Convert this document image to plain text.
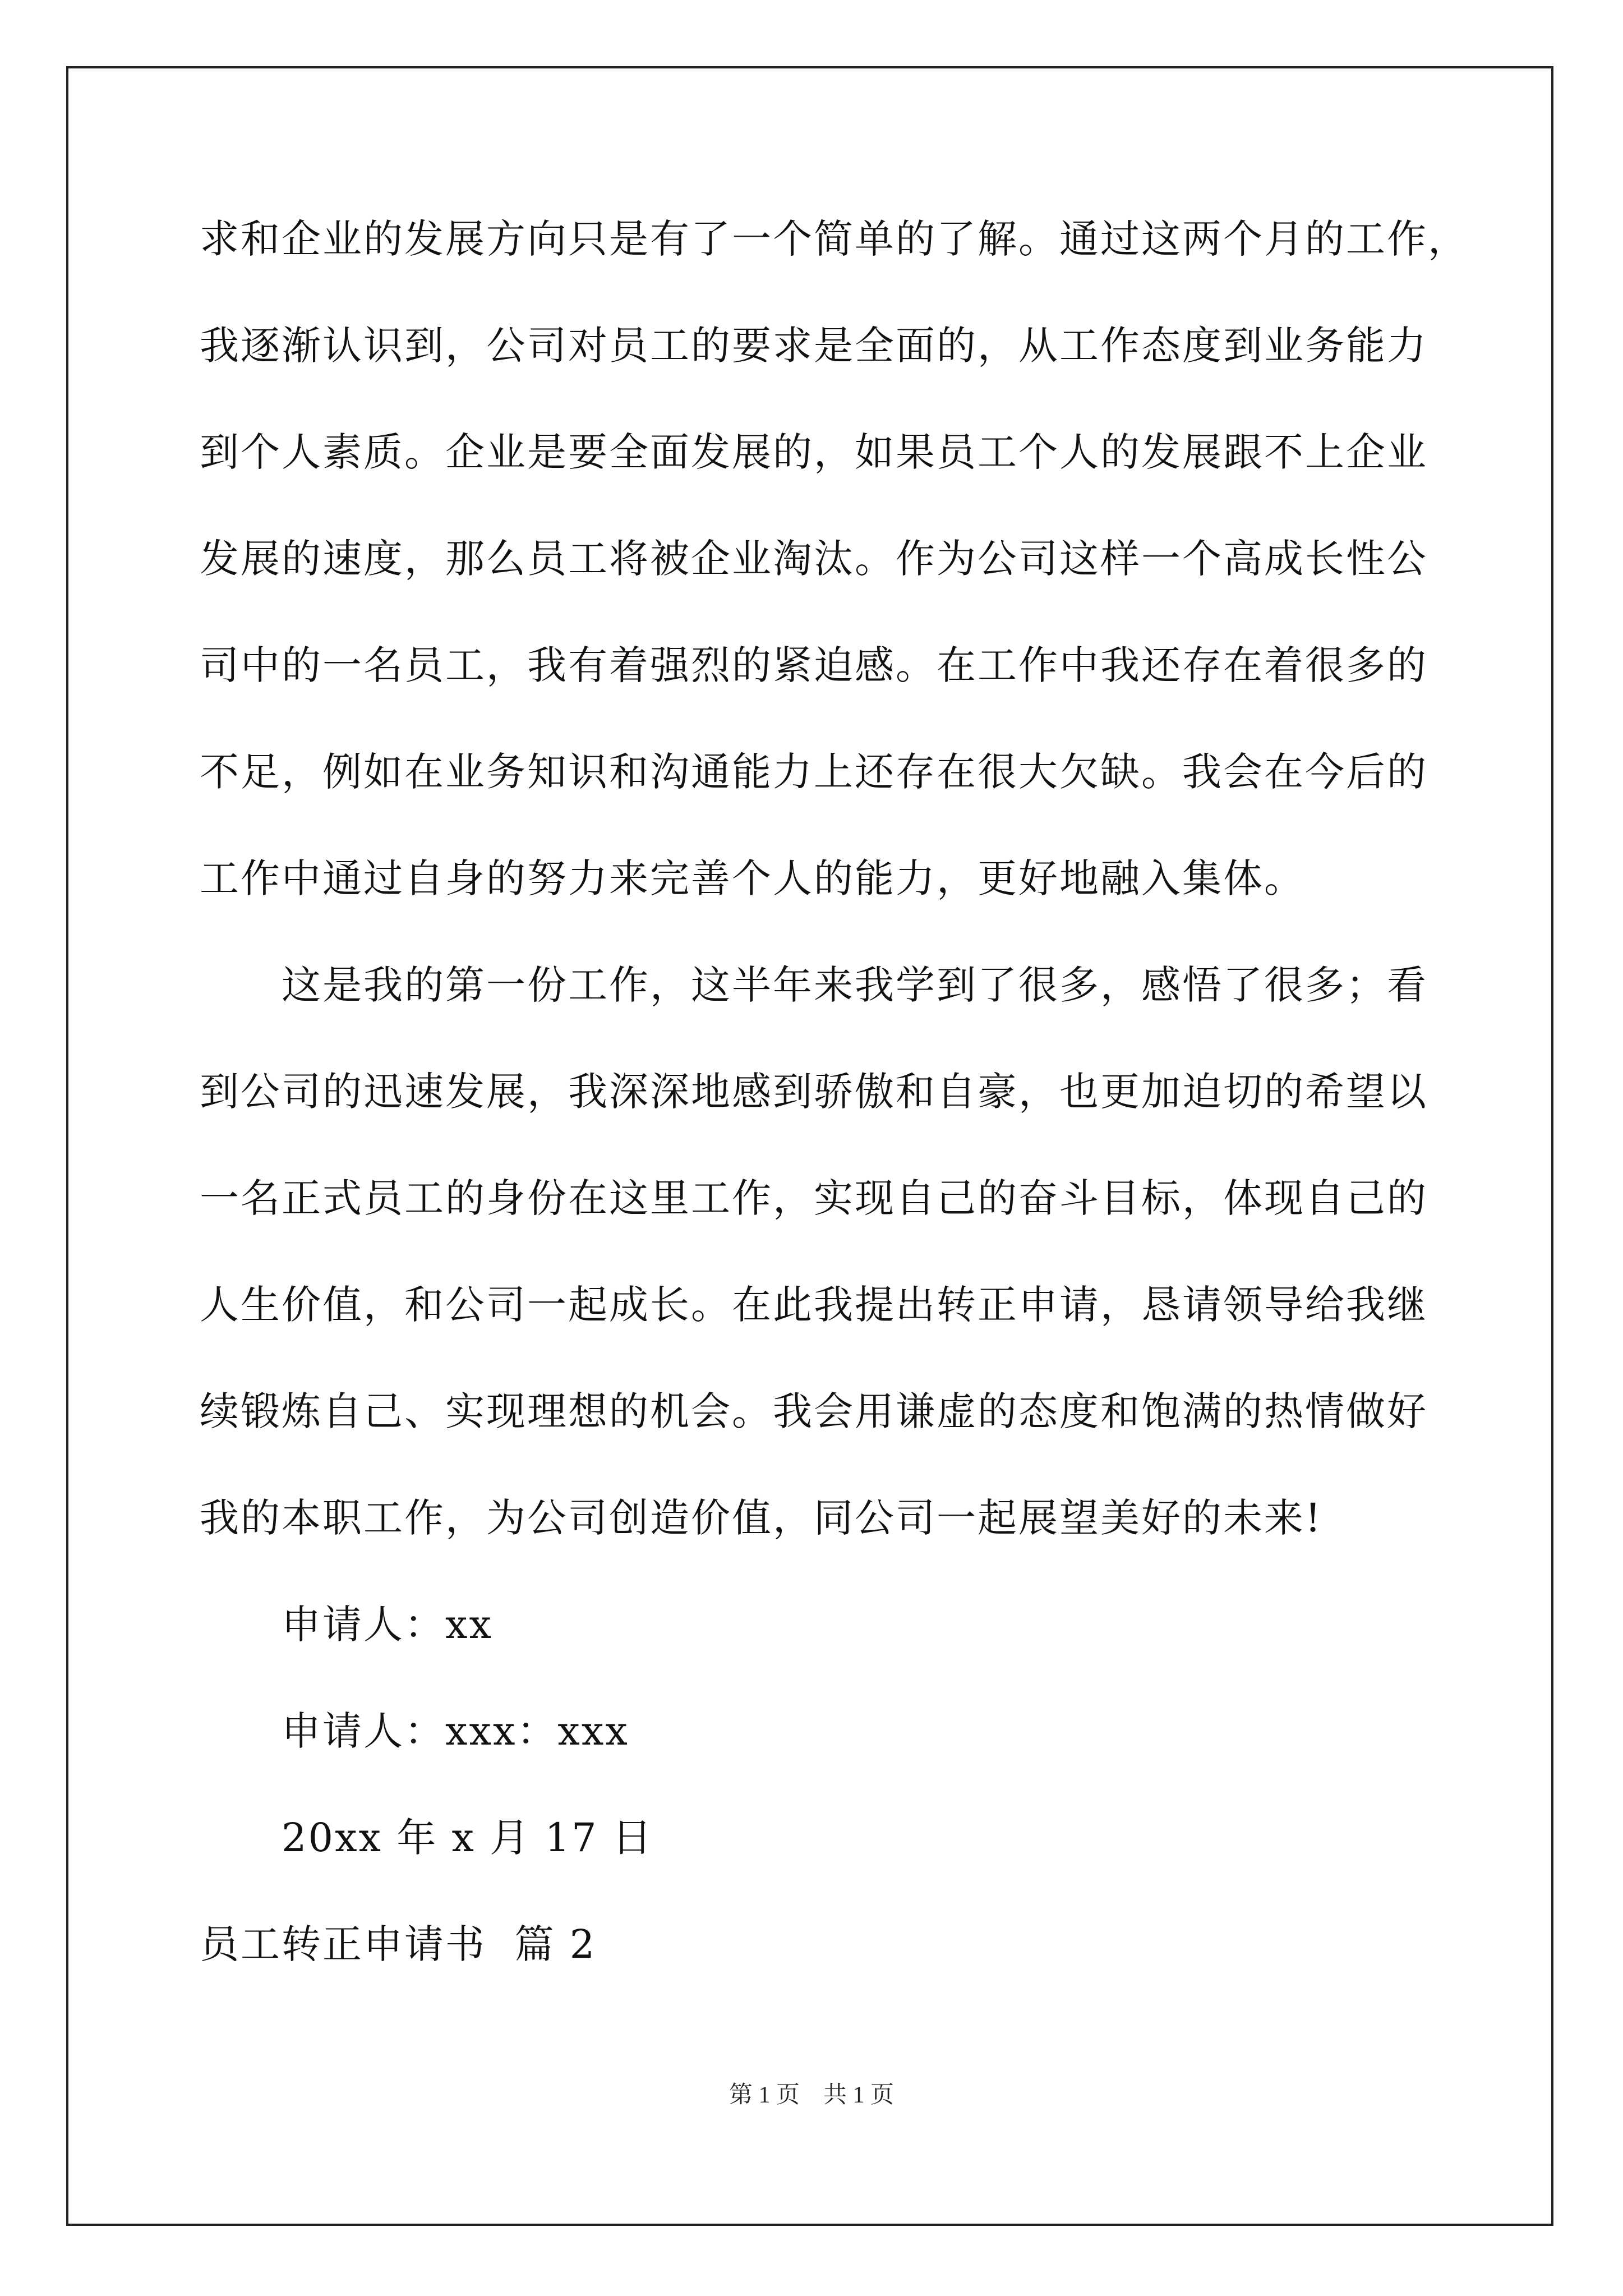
求和企业的发展方向只是有了一个简单的了解。通过这两个月的工作，
我逐渐认识到，公司对员工的要求是全面的，从工作态度到业务能力
到个人素质。企业是要全面发展的，如果员工个人的发展跟不上企业
发展的速度，那么员工将被企业淘汰。作为公司这样一个高成长性公
司中的一名员工，我有着强烈的紧迫感。在工作中我还存在着很多的
不足，例如在业务知识和沟通能力上还存在很大欠缺。我会在今后的
工作中通过自身的努力来完善个人的能力，更好地融入集体。
这是我的第一份工作，这半年来我学到了很多，感悟了很多；看
到公司的迅速发展，我深深地感到骄傲和自豪，也更加迫切的希望以
一名正式员工的身份在这里工作，实现自己的奋斗目标，体现自己的
人生价值，和公司一起成长。在此我提出转正申请，恳请领导给我继
续锻炼自己、实现理想的机会。我会用谦虚的态度和饱满的热情做好
我的本职工作，为公司创造价值，同公司一起展望美好的未来!
申请人：xx
申请人：xxx：xxx
20xx 年 x 月 17 日
员工转正申请书  篇 2
第 1 页    共 1 页
